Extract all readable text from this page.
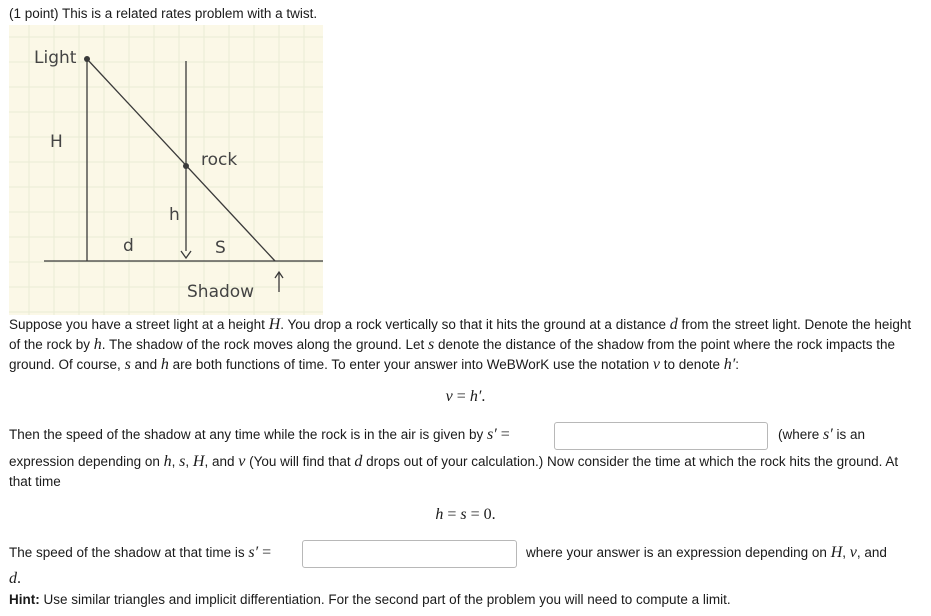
(1 point) This is a related rates problem with a twist.
Light
H
rock
h
d	S
Shadow
Suppose you have a street light at a height H. You drop a rock vertically so that it hits the ground at a distance d from the street light. Denote the height of the rock by h. The shadow of the rock moves along the ground. Let s denote the distance of the shadow from the point where the rock impacts the ground. Of course, s and h are both functions of time. To enter your answer into WeBWorK use the notation v to denote h′:
v = h′.
Then the speed of the shadow at any time while the rock is in the air is given by s′ =	(where s′ is an
expression depending on h, s, H, and v (You will find that d drops out of your calculation.) Now consider the time at which the rock hits the ground. At that time
h = s = 0.
The speed of the shadow at that time is s′ =	where your answer is an expression depending on H, v, and
d.
Hint: Use similar triangles and implicit differentiation. For the second part of the problem you will need to compute a limit.
